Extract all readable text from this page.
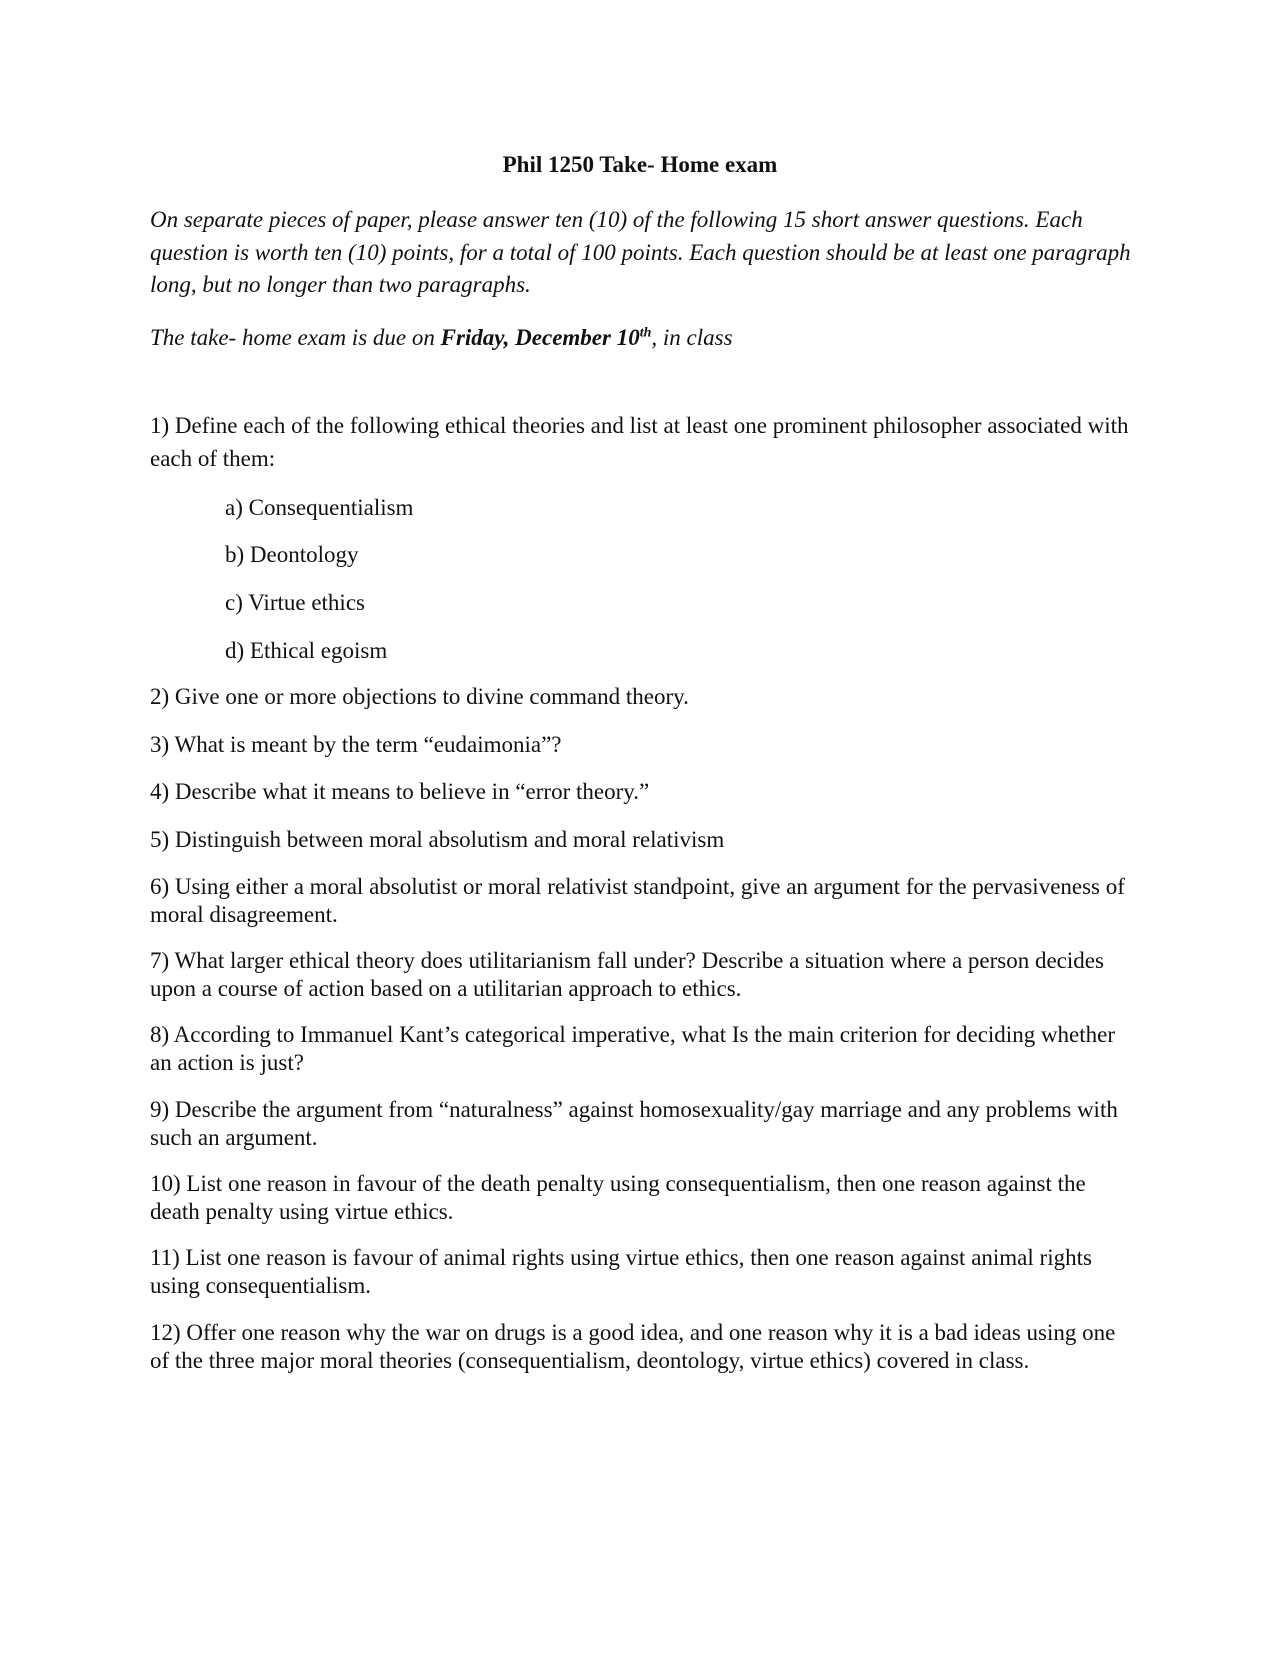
Phil 1250 Take- Home exam

On separate pieces of paper, please answer ten (10) of the following 15 short answer questions. Each question is worth ten (10) points, for a total of 100 points. Each question should be at least one paragraph long, but no longer than two paragraphs.

The take- home exam is due on Friday, December 10th, in class

1) Define each of the following ethical theories and list at least one prominent philosopher associated with each of them:

a) Consequentialism
b) Deontology
c) Virtue ethics
d) Ethical egoism

2) Give one or more objections to divine command theory.

3) What is meant by the term “eudaimonia”?

4) Describe what it means to believe in “error theory.”

5) Distinguish between moral absolutism and moral relativism

6) Using either a moral absolutist or moral relativist standpoint, give an argument for the pervasiveness of moral disagreement.

7) What larger ethical theory does utilitarianism fall under? Describe a situation where a person decides upon a course of action based on a utilitarian approach to ethics.

8) According to Immanuel Kant’s categorical imperative, what Is the main criterion for deciding whether an action is just?

9) Describe the argument from “naturalness” against homosexuality/gay marriage and any problems with such an argument.

10) List one reason in favour of the death penalty using consequentialism, then one reason against the death penalty using virtue ethics.

11) List one reason is favour of animal rights using virtue ethics, then one reason against animal rights using consequentialism.

12) Offer one reason why the war on drugs is a good idea, and one reason why it is a bad ideas using one of the three major moral theories (consequentialism, deontology, virtue ethics) covered in class.
